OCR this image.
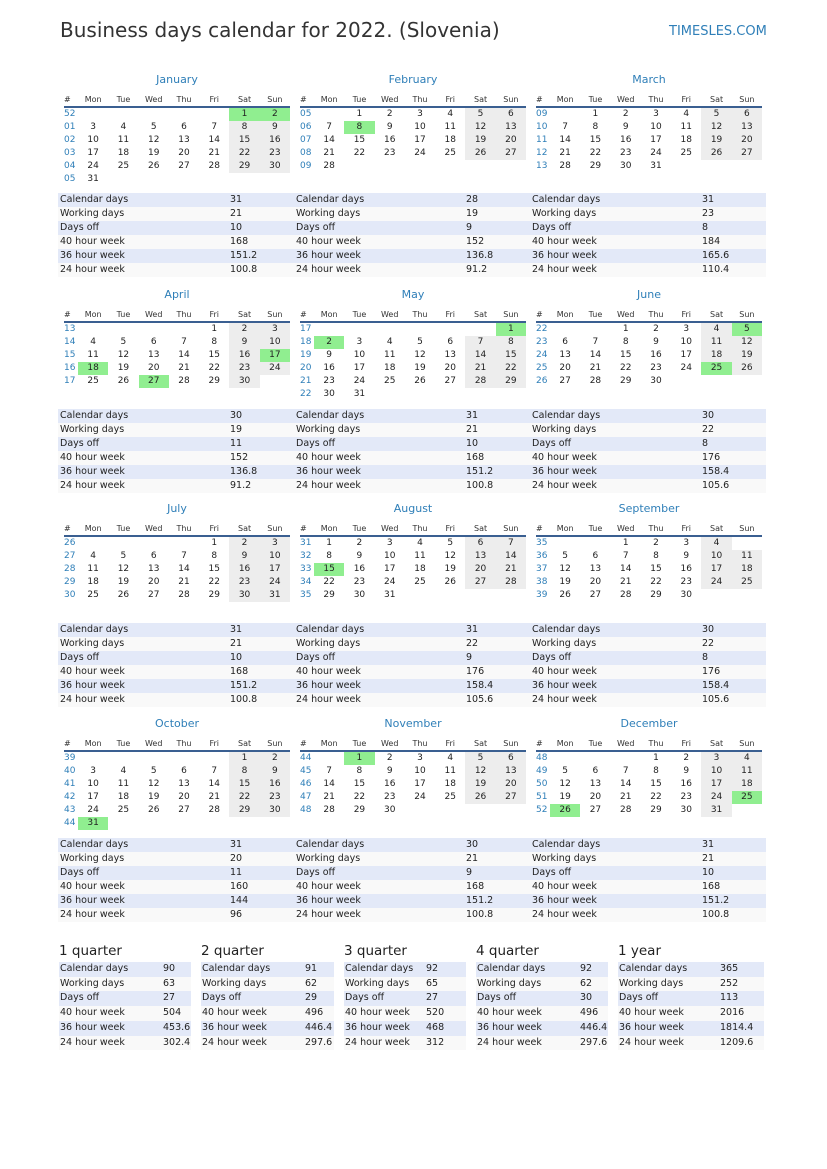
Business days calendar for 2022. (Slovenia)	TIMESLES.COM
January
#	Mon	Tue	Wed	Thu	Fri	Sat	Sun
52						1	2
01	3	4	5	6	7	8	9
02	10	11	12	13	14	15	16
03	17	18	19	20	21	22	23
04	24	25	26	27	28	29	30
05	31						
Calendar days	31
Working days	21
Days off	10
40 hour week	168
36 hour week	151.2
24 hour week	100.8
February
#	Mon	Tue	Wed	Thu	Fri	Sat	Sun
05		1	2	3	4	5	6
06	7	8	9	10	11	12	13
07	14	15	16	17	18	19	20
08	21	22	23	24	25	26	27
09	28						
Calendar days	28
Working days	19
Days off	9
40 hour week	152
36 hour week	136.8
24 hour week	91.2
March
#	Mon	Tue	Wed	Thu	Fri	Sat	Sun
09		1	2	3	4	5	6
10	7	8	9	10	11	12	13
11	14	15	16	17	18	19	20
12	21	22	23	24	25	26	27
13	28	29	30	31			
Calendar days	31
Working days	23
Days off	8
40 hour week	184
36 hour week	165.6
24 hour week	110.4
April
#	Mon	Tue	Wed	Thu	Fri	Sat	Sun
13					1	2	3
14	4	5	6	7	8	9	10
15	11	12	13	14	15	16	17
16	18	19	20	21	22	23	24
17	25	26	27	28	29	30	
Calendar days	30
Working days	19
Days off	11
40 hour week	152
36 hour week	136.8
24 hour week	91.2
May
#	Mon	Tue	Wed	Thu	Fri	Sat	Sun
17							1
18	2	3	4	5	6	7	8
19	9	10	11	12	13	14	15
20	16	17	18	19	20	21	22
21	23	24	25	26	27	28	29
22	30	31					
Calendar days	31
Working days	21
Days off	10
40 hour week	168
36 hour week	151.2
24 hour week	100.8
June
#	Mon	Tue	Wed	Thu	Fri	Sat	Sun
22			1	2	3	4	5
23	6	7	8	9	10	11	12
24	13	14	15	16	17	18	19
25	20	21	22	23	24	25	26
26	27	28	29	30			
Calendar days	30
Working days	22
Days off	8
40 hour week	176
36 hour week	158.4
24 hour week	105.6
July
#	Mon	Tue	Wed	Thu	Fri	Sat	Sun
26					1	2	3
27	4	5	6	7	8	9	10
28	11	12	13	14	15	16	17
29	18	19	20	21	22	23	24
30	25	26	27	28	29	30	31
Calendar days	31
Working days	21
Days off	10
40 hour week	168
36 hour week	151.2
24 hour week	100.8
August
#	Mon	Tue	Wed	Thu	Fri	Sat	Sun
31	1	2	3	4	5	6	7
32	8	9	10	11	12	13	14
33	15	16	17	18	19	20	21
34	22	23	24	25	26	27	28
35	29	30	31				
Calendar days	31
Working days	22
Days off	9
40 hour week	176
36 hour week	158.4
24 hour week	105.6
September
#	Mon	Tue	Wed	Thu	Fri	Sat	Sun
35			1	2	3	4	
36	5	6	7	8	9	10	11
37	12	13	14	15	16	17	18
38	19	20	21	22	23	24	25
39	26	27	28	29	30		
Calendar days	30
Working days	22
Days off	8
40 hour week	176
36 hour week	158.4
24 hour week	105.6
October
#	Mon	Tue	Wed	Thu	Fri	Sat	Sun
39						1	2
40	3	4	5	6	7	8	9
41	10	11	12	13	14	15	16
42	17	18	19	20	21	22	23
43	24	25	26	27	28	29	30
44	31						
Calendar days	31
Working days	20
Days off	11
40 hour week	160
36 hour week	144
24 hour week	96
November
#	Mon	Tue	Wed	Thu	Fri	Sat	Sun
44		1	2	3	4	5	6
45	7	8	9	10	11	12	13
46	14	15	16	17	18	19	20
47	21	22	23	24	25	26	27
48	28	29	30				
Calendar days	30
Working days	21
Days off	9
40 hour week	168
36 hour week	151.2
24 hour week	100.8
December
#	Mon	Tue	Wed	Thu	Fri	Sat	Sun
48				1	2	3	4
49	5	6	7	8	9	10	11
50	12	13	14	15	16	17	18
51	19	20	21	22	23	24	25
52	26	27	28	29	30	31	
Calendar days	31
Working days	21
Days off	10
40 hour week	168
36 hour week	151.2
24 hour week	100.8
1 quarter
Calendar days	90
Working days	63
Days off	27
40 hour week	504
36 hour week	453.6
24 hour week	302.4
2 quarter
Calendar days	91
Working days	62
Days off	29
40 hour week	496
36 hour week	446.4
24 hour week	297.6
3 quarter
Calendar days	92
Working days	65
Days off	27
40 hour week	520
36 hour week	468
24 hour week	312
4 quarter
Calendar days	92
Working days	62
Days off	30
40 hour week	496
36 hour week	446.4
24 hour week	297.6
1 year
Calendar days	365
Working days	252
Days off	113
40 hour week	2016
36 hour week	1814.4
24 hour week	1209.6
